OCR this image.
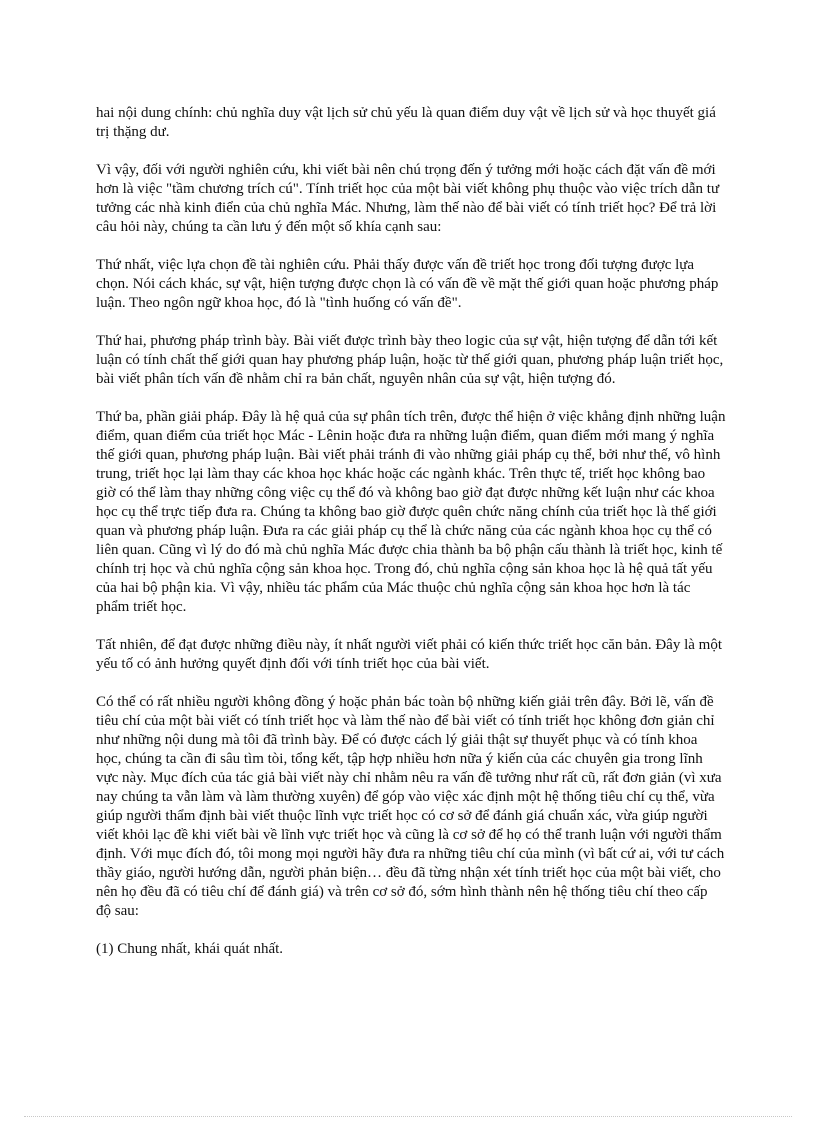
hai nội dung chính: chủ nghĩa duy vật lịch sử chủ yếu là quan điểm duy vật về lịch sử và học thuyết giá trị thặng dư.

Vì vậy, đối với người nghiên cứu, khi viết bài nên chú trọng đến ý tưởng mới hoặc cách đặt vấn đề mới hơn là việc "tầm chương trích cú". Tính triết học của một bài viết không phụ thuộc vào việc trích dẫn tư tưởng các nhà kinh điển của chủ nghĩa Mác. Nhưng, làm thế nào để bài viết có tính triết học? Để trả lời câu hỏi này, chúng ta cần lưu ý đến một số khía cạnh sau:

Thứ nhất, việc lựa chọn đề tài nghiên cứu. Phải thấy được vấn đề triết học trong đối tượng được lựa chọn. Nói cách khác, sự vật, hiện tượng được chọn là có vấn đề về mặt thế giới quan hoặc phương pháp luận. Theo ngôn ngữ khoa học, đó là "tình huống có vấn đề".

Thứ hai, phương pháp trình bày. Bài viết được trình bày theo logic của sự vật, hiện tượng để dẫn tới kết luận có tính chất thế giới quan hay phương pháp luận, hoặc từ thế giới quan, phương pháp luận triết học, bài viết phân tích vấn đề nhằm chỉ ra bản chất, nguyên nhân của sự vật, hiện tượng đó.

Thứ ba, phần giải pháp. Đây là hệ quả của sự phân tích trên, được thể hiện ở việc khẳng định những luận điểm, quan điểm của triết học Mác - Lênin hoặc đưa ra những luận điểm, quan điểm mới mang ý nghĩa thế giới quan, phương pháp luận. Bài viết phải tránh đi vào những giải pháp cụ thể, bởi như thế, vô hình trung, triết học lại làm thay các khoa học khác hoặc các ngành khác. Trên thực tế, triết học không bao giờ có thể làm thay những công việc cụ thể đó và không bao giờ đạt được những kết luận như các khoa học cụ thể trực tiếp đưa ra. Chúng ta không bao giờ được quên chức năng chính của triết học là thế giới quan và phương pháp luận. Đưa ra các giải pháp cụ thể là chức năng của các ngành khoa học cụ thể có liên quan. Cũng vì lý do đó mà chủ nghĩa Mác được chia thành ba bộ phận cấu thành là triết học, kinh tế chính trị học và chủ nghĩa cộng sản khoa học. Trong đó, chủ nghĩa cộng sản khoa học là hệ quả tất yếu của hai bộ phận kia. Vì vậy, nhiều tác phẩm của Mác thuộc chủ nghĩa cộng sản khoa học hơn là tác phẩm triết học.

Tất nhiên, để đạt được những điều này, ít nhất người viết phải có kiến thức triết học căn bản. Đây là một yếu tố có ảnh hưởng quyết định đối với tính triết học của bài viết.

Có thể có rất nhiều người không đồng ý hoặc phản bác toàn bộ những kiến giải trên đây. Bởi lẽ, vấn đề tiêu chí của một bài viết có tính triết học và làm thế nào để bài viết có tính triết học không đơn giản chỉ như những nội dung mà tôi đã trình bày. Để có được cách lý giải thật sự thuyết phục và có tính khoa học, chúng ta cần đi sâu tìm tòi, tổng kết, tập hợp nhiều hơn nữa ý kiến của các chuyên gia trong lĩnh vực này. Mục đích của tác giả bài viết này chỉ nhằm nêu ra vấn đề tưởng như rất cũ, rất đơn giản (vì xưa nay chúng ta vẫn làm và làm thường xuyên) để góp vào việc xác định một hệ thống tiêu chí cụ thể, vừa giúp người thẩm định bài viết thuộc lĩnh vực triết học có cơ sở để đánh giá chuẩn xác, vừa giúp người viết khỏi lạc đề khi viết bài về lĩnh vực triết học và cũng là cơ sở để họ có thể tranh luận với người thẩm định. Với mục đích đó, tôi mong mọi người hãy đưa ra những tiêu chí của mình (vì bất cứ ai, với tư cách thầy giáo, người hướng dẫn, người phản biện… đều đã từng nhận xét tính triết học của một bài viết, cho nên họ đều đã có tiêu chí để đánh giá) và trên cơ sở đó, sớm hình thành nên hệ thống tiêu chí theo cấp độ sau:

(1) Chung nhất, khái quát nhất.
